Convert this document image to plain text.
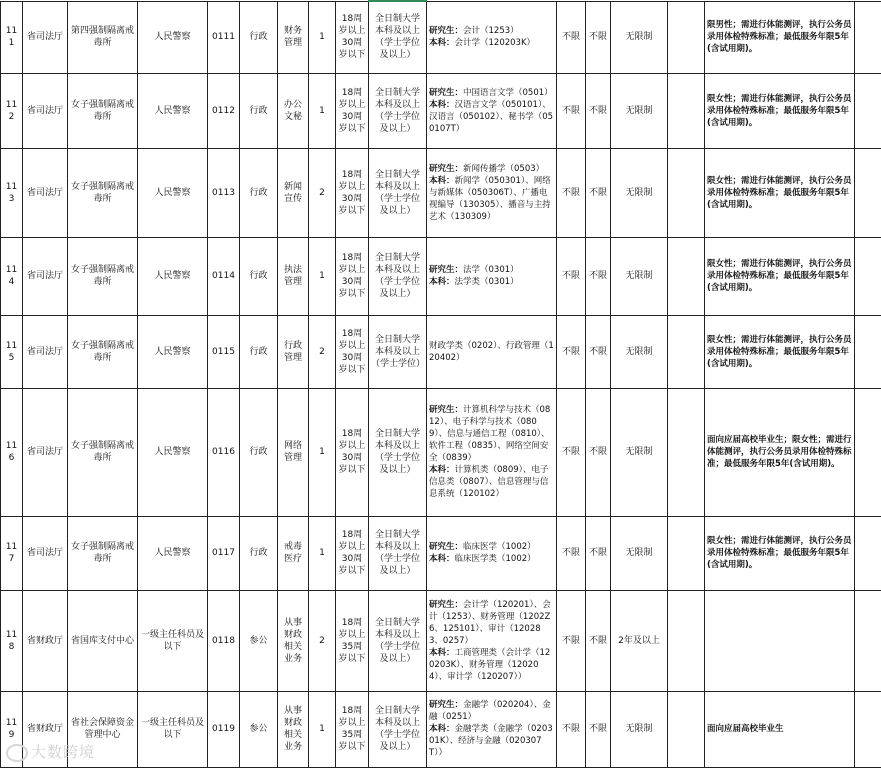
111	省司法厅	第四强制隔离戒毒所	人民警察	0111	行政	财务管理	1	18周岁以上30周岁以下	全日制大学本科及以上（学士学位及以上）	研究生：会计（1253）
本科：会计学（120203K）	不限	不限	无限制		限男性；需进行体能测评，执行公务员录用体检特殊标准；最低服务年限5年(含试用期)。	
112	省司法厅	女子强制隔离戒毒所	人民警察	0112	行政	办公文秘	1	18周岁以上30周岁以下	全日制大学本科及以上（学士学位及以上）	研究生：中国语言文学（0501）
本科：汉语言文学（050101）、汉语言（050102）、秘书学（050107T）	不限	不限	无限制		限女性；需进行体能测评，执行公务员录用体检特殊标准；最低服务年限5年(含试用期)。	
113	省司法厅	女子强制隔离戒毒所	人民警察	0113	行政	新闻宣传	2	18周岁以上30周岁以下	全日制大学本科及以上（学士学位及以上）	研究生：新闻传播学（0503）
本科：新闻学（050301）、网络与新媒体（050306T）、广播电视编导（130305）、播音与主持艺术（130309）	不限	不限	无限制		限女性；需进行体能测评，执行公务员录用体检特殊标准；最低服务年限5年(含试用期)。	
114	省司法厅	女子强制隔离戒毒所	人民警察	0114	行政	执法管理	1	18周岁以上30周岁以下	全日制大学本科及以上（学士学位及以上）	研究生：法学（0301）
本科：法学类（0301）	不限	不限	无限制		限女性；需进行体能测评，执行公务员录用体检特殊标准；最低服务年限5年(含试用期)。	
115	省司法厅	女子强制隔离戒毒所	人民警察	0115	行政	行政管理	2	18周岁以上30周岁以下	全日制大学本科及以上（学士学位）	财政学类（0202）、行政管理（120402）	不限	不限	无限制		限女性；需进行体能测评，执行公务员录用体检特殊标准；最低服务年限5年(含试用期)。	
116	省司法厅	女子强制隔离戒毒所	人民警察	0116	行政	网络管理	1	18周岁以上30周岁以下	全日制大学本科及以上（学士学位及以上）	研究生：计算机科学与技术（0812）、电子科学与技术（0809）、信息与通信工程（0810）、软件工程（0835）、网络空间安全（0839）
本科：计算机类（0809）、电子信息类（0807）、信息管理与信息系统（120102）	不限	不限	无限制		面向应届高校毕业生；限女性；需进行体能测评，执行公务员录用体检特殊标准；最低服务年限5年(含试用期)。	
117	省司法厅	女子强制隔离戒毒所	人民警察	0117	行政	戒毒医疗	1	18周岁以上30周岁以下	全日制大学本科及以上（学士学位及以上）	研究生：临床医学（1002）
本科：临床医学类（1002）	不限	不限	无限制		限女性；需进行体能测评，执行公务员录用体检特殊标准；最低服务年限5年(含试用期)。	
118	省财政厅	省国库支付中心	一级主任科员及以下	0118	参公	从事财政相关业务	2	18周岁以上35周岁以下	全日制大学本科及以上（学士学位及以上）	研究生：会计学（120201）、会计（1253）、财务管理（1202Z6、125101）、审计（120283、0257）
本科：工商管理类（会计学（120203K）、财务管理（120204）、审计学（120207））	不限	不限	2年及以上			
119	省财政厅	省社会保障资金管理中心	一级主任科员及以下	0119	参公	从事财政相关业务	1	18周岁以上35周岁以下	全日制大学本科及以上（学士学位及以上）	研究生：金融学（020204）、金融（0251）
本科：金融学类（金融学（020301K）、经济与金融（020307T））	不限	不限	无限制		面向应届高校毕业生	
大数跨境
